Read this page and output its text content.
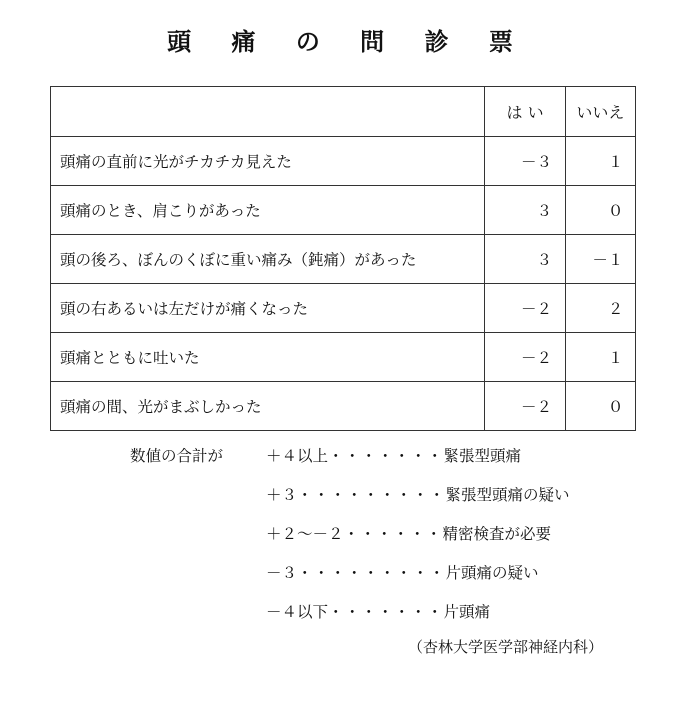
頭 痛 の 問 診 票
	は い	いいえ
頭痛の直前に光がチカチカ見えた	－３	１
頭痛のとき、肩こりがあった	３	０
頭の後ろ、ぼんのくぼに重い痛み（鈍痛）があった	３	－１
頭の右あるいは左だけが痛くなった	－２	２
頭痛とともに吐いた	－２	１
頭痛の間、光がまぶしかった	－２	０
数値の合計が	＋４以上・・・・・・・緊張型頭痛
＋３・・・・・・・・・緊張型頭痛の疑い
＋２～－２・・・・・・精密検査が必要
－３・・・・・・・・・片頭痛の疑い
－４以下・・・・・・・片頭痛
（杏林大学医学部神経内科）
